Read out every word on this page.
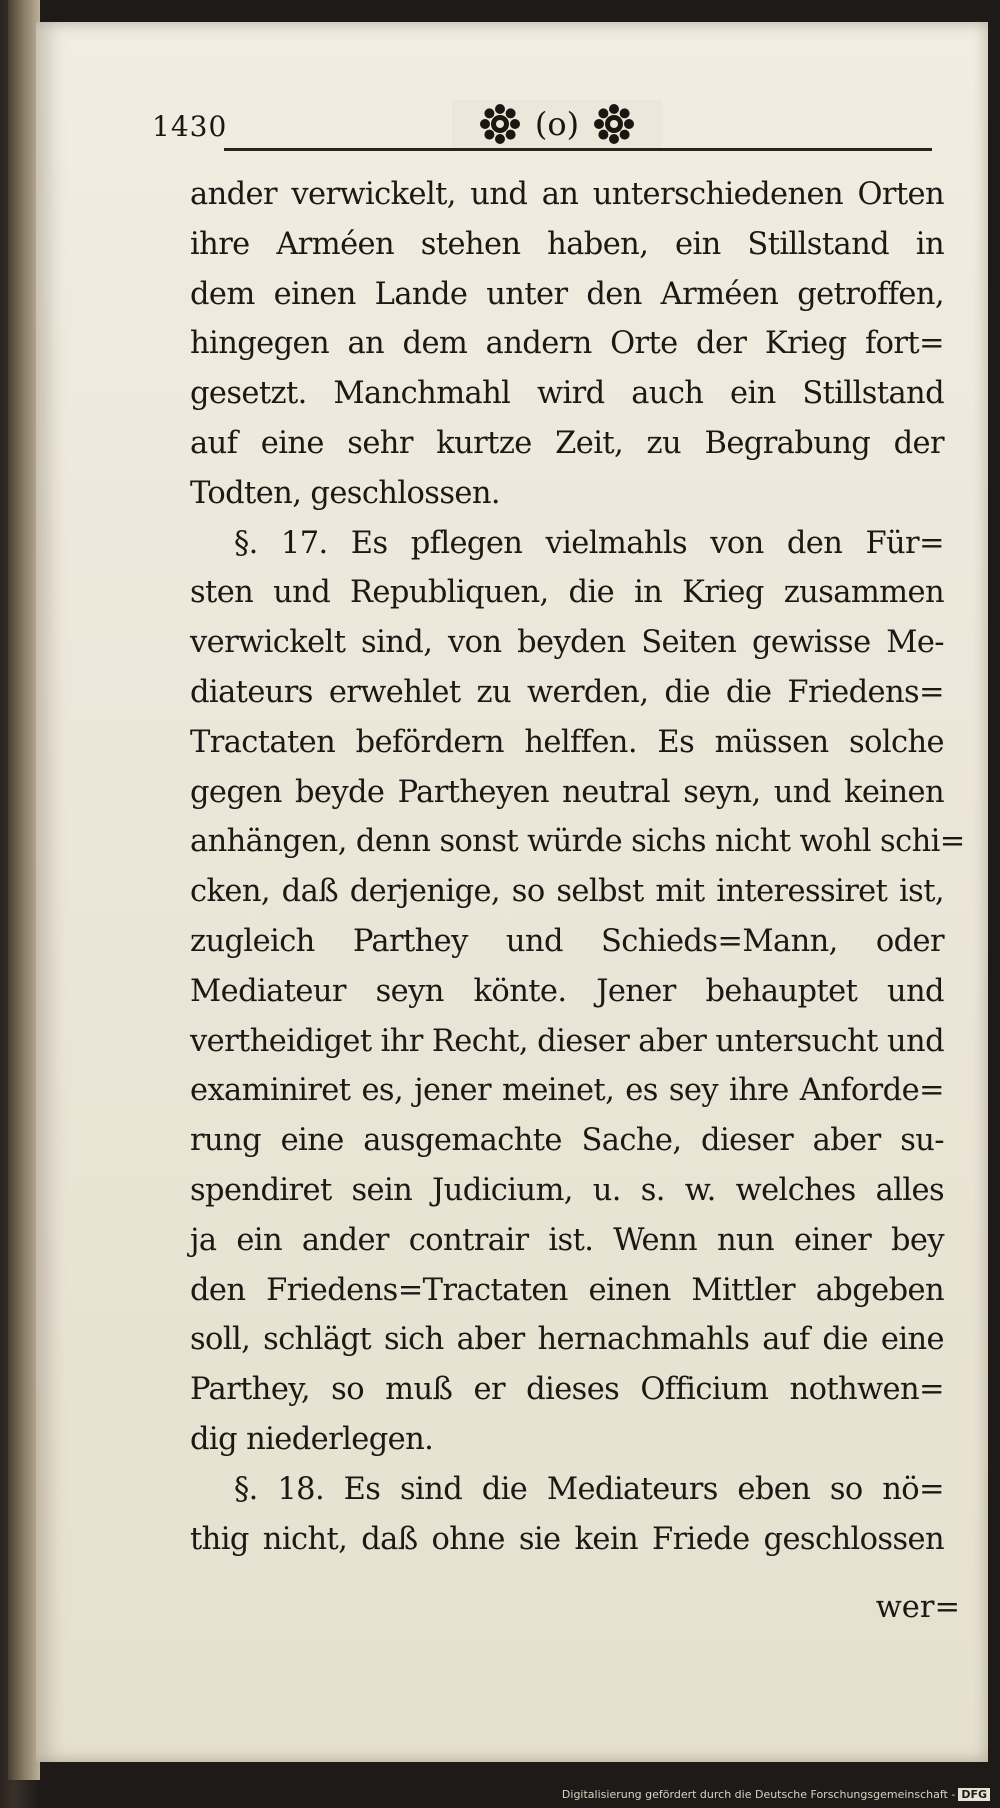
1430	(o)
ander verwickelt, und an unterschiedenen Orten
ihre Arméen stehen haben, ein Stillstand in
dem einen Lande unter den Arméen getroffen,
hingegen an dem andern Orte der Krieg fort=
gesetzt. Manchmahl wird auch ein Stillstand
auf eine sehr kurtze Zeit, zu Begrabung der
Todten, geschlossen.
§. 17. Es pflegen vielmahls von den Für=
sten und Republiquen, die in Krieg zusammen
verwickelt sind, von beyden Seiten gewisse Me-
diateurs erwehlet zu werden, die die Friedens=
Tractaten befördern helffen. Es müssen solche
gegen beyde Partheyen neutral seyn, und keinen
anhängen, denn sonst würde sichs nicht wohl schi=
cken, daß derjenige, so selbst mit interessiret ist,
zugleich Parthey und Schieds=Mann, oder
Mediateur seyn könte. Jener behauptet und
vertheidiget ihr Recht, dieser aber untersucht und
examiniret es, jener meinet, es sey ihre Anforde=
rung eine ausgemachte Sache, dieser aber su-
spendiret sein Judicium, u. s. w. welches alles
ja ein ander contrair ist. Wenn nun einer bey
den Friedens=Tractaten einen Mittler abgeben
soll, schlägt sich aber hernachmahls auf die eine
Parthey, so muß er dieses Officium nothwen=
dig niederlegen.
§. 18. Es sind die Mediateurs eben so nö=
thig nicht, daß ohne sie kein Friede geschlossen
wer=
Digitalisierung gefördert durch die Deutsche Forschungsgemeinschaft - DFG
